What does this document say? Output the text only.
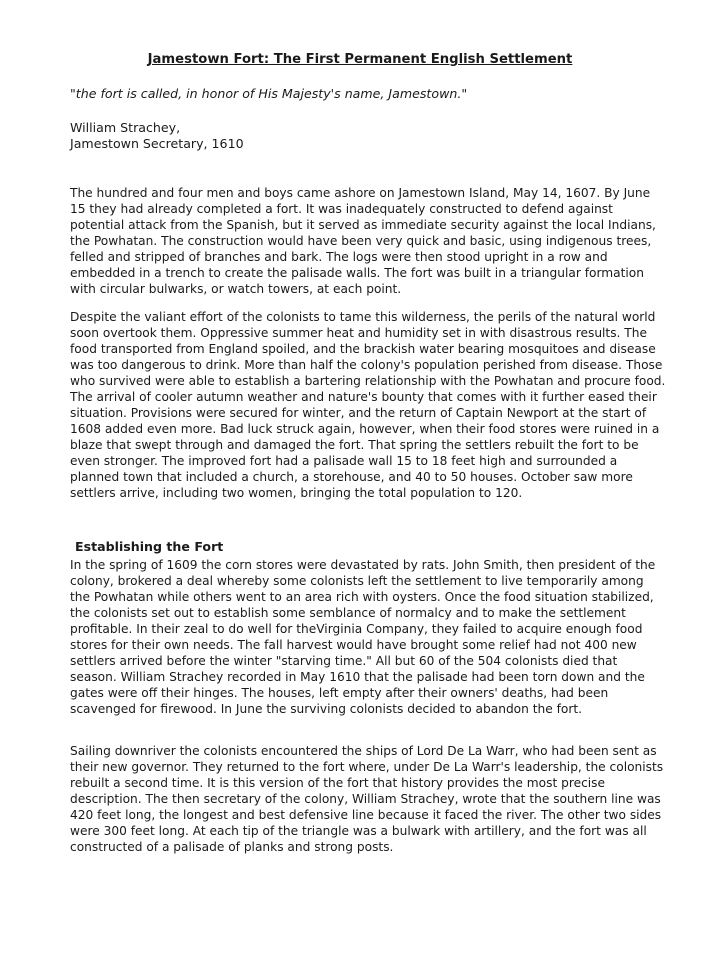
Jamestown Fort: The First Permanent English Settlement

"the fort is called, in honor of His Majesty's name, Jamestown."

William Strachey,
Jamestown Secretary, 1610

The hundred and four men and boys came ashore on Jamestown Island, May 14, 1607. By June 15 they had already completed a fort. It was inadequately constructed to defend against potential attack from the Spanish, but it served as immediate security against the local Indians, the Powhatan. The construction would have been very quick and basic, using indigenous trees, felled and stripped of branches and bark. The logs were then stood upright in a row and embedded in a trench to create the palisade walls. The fort was built in a triangular formation with circular bulwarks, or watch towers, at each point.

Despite the valiant effort of the colonists to tame this wilderness, the perils of the natural world soon overtook them. Oppressive summer heat and humidity set in with disastrous results. The food transported from England spoiled, and the brackish water bearing mosquitoes and disease was too dangerous to drink. More than half the colony's population perished from disease. Those who survived were able to establish a bartering relationship with the Powhatan and procure food. The arrival of cooler autumn weather and nature's bounty that comes with it further eased their situation. Provisions were secured for winter, and the return of Captain Newport at the start of 1608 added even more. Bad luck struck again, however, when their food stores were ruined in a blaze that swept through and damaged the fort. That spring the settlers rebuilt the fort to be even stronger. The improved fort had a palisade wall 15 to 18 feet high and surrounded a planned town that included a church, a storehouse, and 40 to 50 houses. October saw more settlers arrive, including two women, bringing the total population to 120.

Establishing the Fort

In the spring of 1609 the corn stores were devastated by rats. John Smith, then president of the colony, brokered a deal whereby some colonists left the settlement to live temporarily among the Powhatan while others went to an area rich with oysters. Once the food situation stabilized, the colonists set out to establish some semblance of normalcy and to make the settlement profitable. In their zeal to do well for theVirginia Company, they failed to acquire enough food stores for their own needs. The fall harvest would have brought some relief had not 400 new settlers arrived before the winter "starving time." All but 60 of the 504 colonists died that season. William Strachey recorded in May 1610 that the palisade had been torn down and the gates were off their hinges. The houses, left empty after their owners' deaths, had been scavenged for firewood. In June the surviving colonists decided to abandon the fort.

Sailing downriver the colonists encountered the ships of Lord De La Warr, who had been sent as their new governor. They returned to the fort where, under De La Warr's leadership, the colonists rebuilt a second time. It is this version of the fort that history provides the most precise description. The then secretary of the colony, William Strachey, wrote that the southern line was 420 feet long, the longest and best defensive line because it faced the river. The other two sides were 300 feet long. At each tip of the triangle was a bulwark with artillery, and the fort was all constructed of a palisade of planks and strong posts.
